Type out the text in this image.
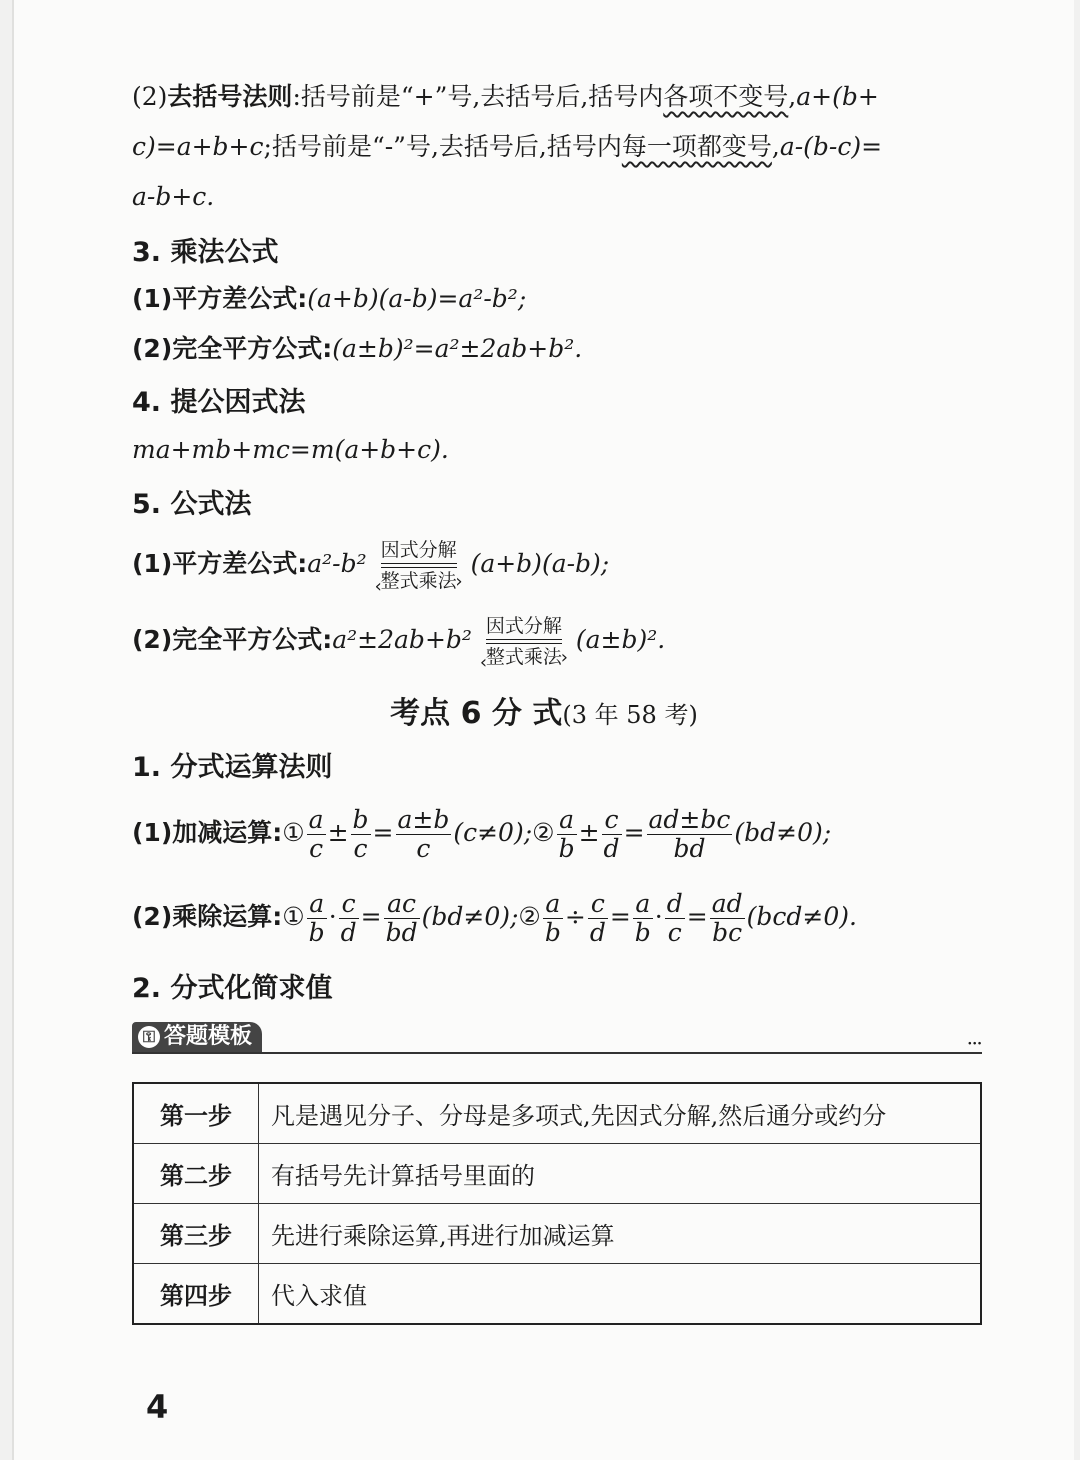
(2)去括号法则:括号前是“+”号,去括号后,括号内各项不变号,a+(b+
c)=a+b+c;括号前是“-”号,去括号后,括号内每一项都变号,a-(b-c)=
a-b+c.
3. 乘法公式
(1)平方差公式:(a+b)(a-b)=a²-b²;
(2)完全平方公式:(a±b)²=a²±2ab+b².
4. 提公因式法
ma+mb+mc=m(a+b+c).
5. 公式法
(1)平方差公式:a²-b² 因式分解
‹ ›
整式乘法
(a+b)(a-b);
(2)完全平方公式:a²±2ab+b² 因式分解
‹ ›
整式乘法
(a±b)².
考点 6 分 式(3 年 58 考)
1. 分式运算法则
(1)加减运算:① $\frac{a}{c} \pm \frac{b}{c} = \frac{a\pm b}{c}$ (c≠0);② $\frac{a}{b} \pm \frac{c}{d} = \frac{ad\pm bc}{bd} (bd\ne 0)$;
(2)乘除运算:① $\frac{a}{b} \cdot \frac{c}{d} = \frac{ac}{bd}$ (bd≠0);② $\frac{a}{b} \div \frac{c}{d} = \frac{a}{b} \cdot \frac{d}{c} = \frac{ad}{bc} (bcd\ne 0)$.
2. 分式化简求值
⚿ 答题模板	···
第一步	凡是遇见分子、分母是多项式,先因式分解,然后通分或约分
第二步	有括号先计算括号里面的
第三步	先进行乘除运算,再进行加减运算
第四步	代入求值
4
